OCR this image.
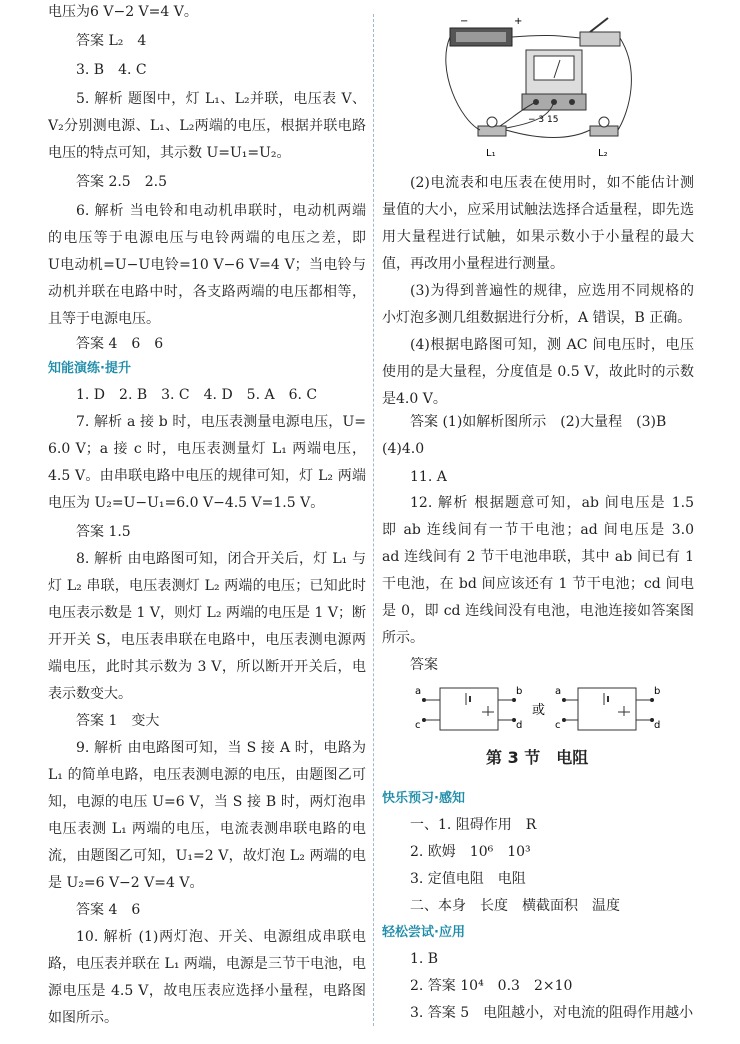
电压为6 V−2 V=4 V。
答案 L₂　4
3. B　4. C
5. 解析 题图中，灯 L₁、L₂并联，电压表 V、
V₂分别测电源、L₁、L₂两端的电压，根据并联电路
电压的特点可知，其示数 U=U₁=U₂。
答案 2.5　2.5
6. 解析 当电铃和电动机串联时，电动机两端
的电压等于电源电压与电铃两端的电压之差，即
U电动机=U−U电铃=10 V−6 V=4 V；当电铃与
动机并联在电路中时，各支路两端的电压都相等，
且等于电源电压。
答案 4　6　6
知能演练·提升
1. D　2. B　3. C　4. D　5. A　6. C
7. 解析 a 接 b 时，电压表测量电源电压，U=
6.0 V；a 接 c 时，电压表测量灯 L₁ 两端电压，
4.5 V。由串联电路中电压的规律可知，灯 L₂ 两端
电压为 U₂=U−U₁=6.0 V−4.5 V=1.5 V。
答案 1.5
8. 解析 由电路图可知，闭合开关后，灯 L₁ 与
灯 L₂ 串联，电压表测灯 L₂ 两端的电压；已知此时
电压表示数是 1 V，则灯 L₂ 两端的电压是 1 V；断
开开关 S，电压表串联在电路中，电压表测电源两
端电压，此时其示数为 3 V，所以断开开关后，电
表示数变大。
答案 1　变大
9. 解析 由电路图可知，当 S 接 A 时，电路为
L₁ 的简单电路，电压表测电源的电压，由题图乙可
知，电源的电压 U=6 V，当 S 接 B 时，两灯泡串
电压表测 L₁ 两端的电压，电流表测串联电路的电
流，由题图乙可知，U₁=2 V，故灯泡 L₂ 两端的电
是 U₂=6 V−2 V=4 V。
答案 4　6
10. 解析 (1)两灯泡、开关、电源组成串联电
路，电压表并联在 L₁ 两端，电源是三节干电池，电
源电压是 4.5 V，故电压表应选择小量程，电路图
如图所示。
(2)电流表和电压表在使用时，如不能估计测
量值的大小，应采用试触法选择合适量程，即先选
用大量程进行试触，如果示数小于小量程的最大
值，再改用小量程进行测量。
(3)为得到普遍性的规律，应选用不同规格的
小灯泡多测几组数据进行分析，A 错误，B 正确。
(4)根据电路图可知，测 AC 间电压时，电压
使用的是大量程，分度值是 0.5 V，故此时的示数
是4.0 V。
答案 (1)如解析图所示　(2)大量程　(3)B
(4)4.0
11. A
12. 解析 根据题意可知，ab 间电压是 1.5
即 ab 连线间有一节干电池；ad 间电压是 3.0
ad 连线间有 2 节干电池串联，其中 ab 间已有 1
干电池，在 bd 间应该还有 1 节干电池；cd 间电
是 0，即 cd 连线间没有电池，电池连接如答案图
所示。
答案
第 3 节　电阻
快乐预习·感知
一、1. 阻碍作用　R
2. 欧姆　10⁶　10³
3. 定值电阻　电阻
二、本身　长度　横截面积　温度
轻松尝试·应用
1. B
2. 答案 10⁴　0.3　2×10
3. 答案 5　电阻越小，对电流的阻碍作用越小
−	+
− 3 15
L₁	L₂
a
c
b
d
或
a
c
b
d
